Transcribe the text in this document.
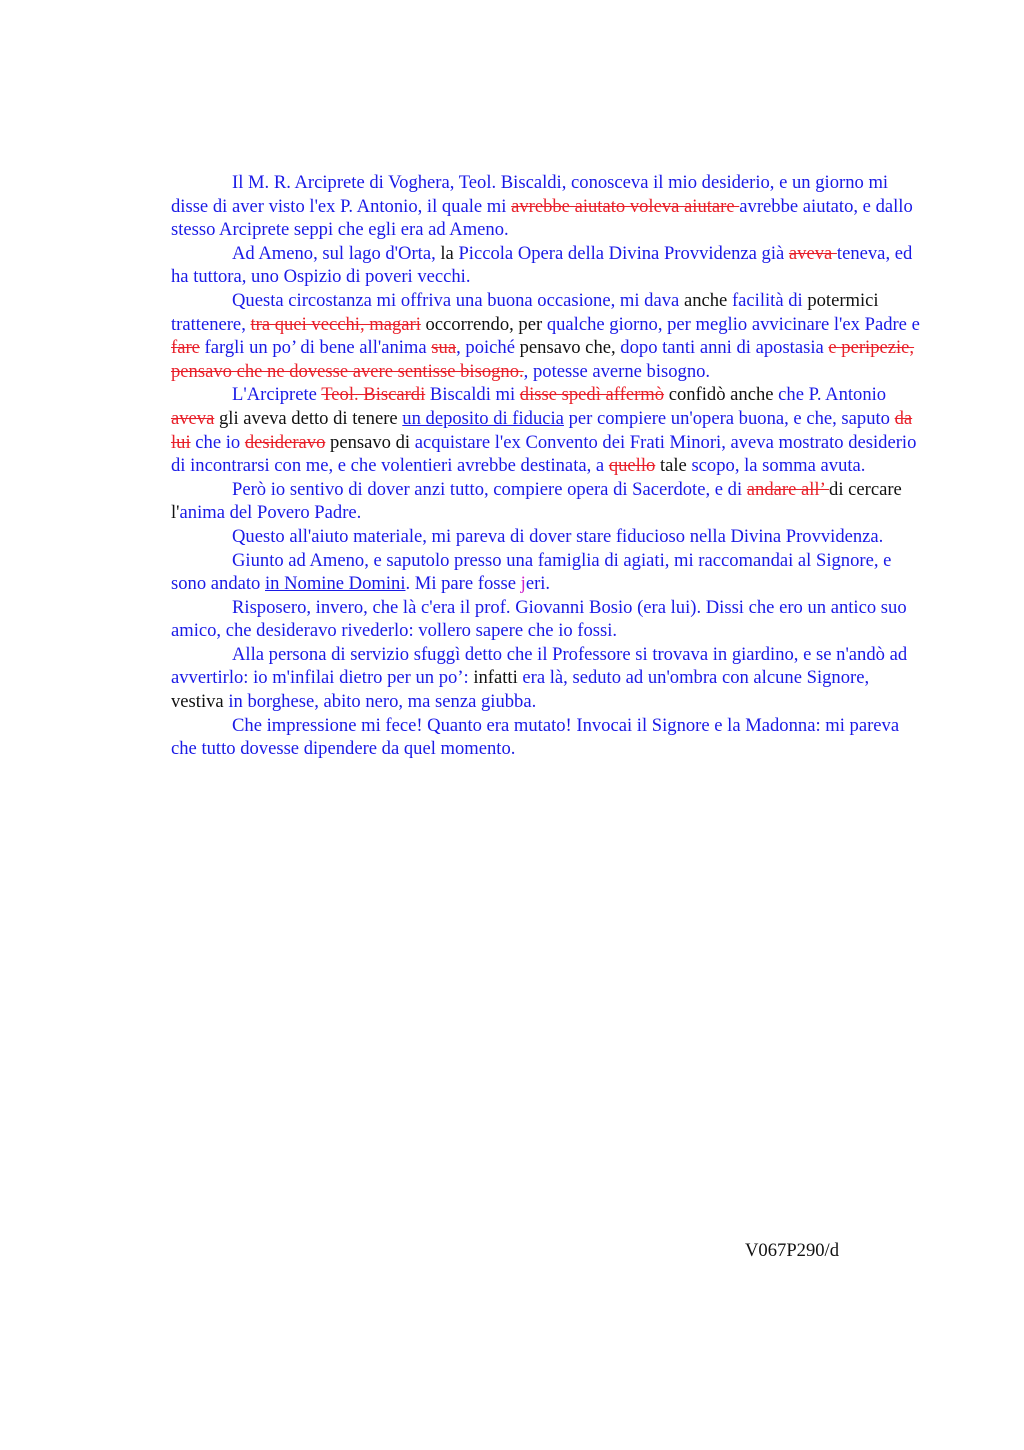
Il M. R. Arciprete di Voghera, Teol. Biscaldi, conosceva il mio desiderio, e un giorno mi disse di aver visto l'ex P. Antonio, il quale mi avrebbe aiutato voleva aiutare avrebbe aiutato, e dallo stesso Arciprete seppi che egli era ad Ameno.

Ad Ameno, sul lago d'Orta, la Piccola Opera della Divina Provvidenza già aveva teneva, ed ha tuttora, uno Ospizio di poveri vecchi.

Questa circostanza mi offriva una buona occasione, mi dava anche facilità di potermici trattenere, tra quei vecchi, magari occorrendo, per qualche giorno, per meglio avvicinare l'ex Padre e fare fargli un po’ di bene all'anima sua, poiché pensavo che, dopo tanti anni di apostasia e peripezie, pensavo che ne dovesse avere sentisse bisogno., potesse averne bisogno.

L'Arciprete Teol. Biscardi Biscaldi mi disse spedì affermò confidò anche che P. Antonio aveva gli aveva detto di tenere un deposito di fiducia per compiere un'opera buona, e che, saputo da lui che io desideravo pensavo di acquistare l'ex Convento dei Frati Minori, aveva mostrato desiderio di incontrarsi con me, e che volentieri avrebbe destinata, a quello tale scopo, la somma avuta.

Però io sentivo di dover anzi tutto, compiere opera di Sacerdote, e di andare all’ di cercare l'anima del Povero Padre.

Questo all'aiuto materiale, mi pareva di dover stare fiducioso nella Divina Provvidenza.

Giunto ad Ameno, e saputolo presso una famiglia di agiati, mi raccomandai al Signore, e sono andato in Nomine Domini. Mi pare fosse jeri.

Risposero, invero, che là c'era il prof. Giovanni Bosio (era lui). Dissi che ero un antico suo amico, che desideravo rivederlo: vollero sapere che io fossi.

Alla persona di servizio sfuggì detto che il Professore si trovava in giardino, e se n'andò ad avvertirlo: io m'infilai dietro per un po’: infatti era là, seduto ad un'ombra con alcune Signore, vestiva in borghese, abito nero, ma senza giubba.

Che impressione mi fece! Quanto era mutato! Invocai il Signore e la Madonna: mi pareva che tutto dovesse dipendere da quel momento.

V067P290/d
